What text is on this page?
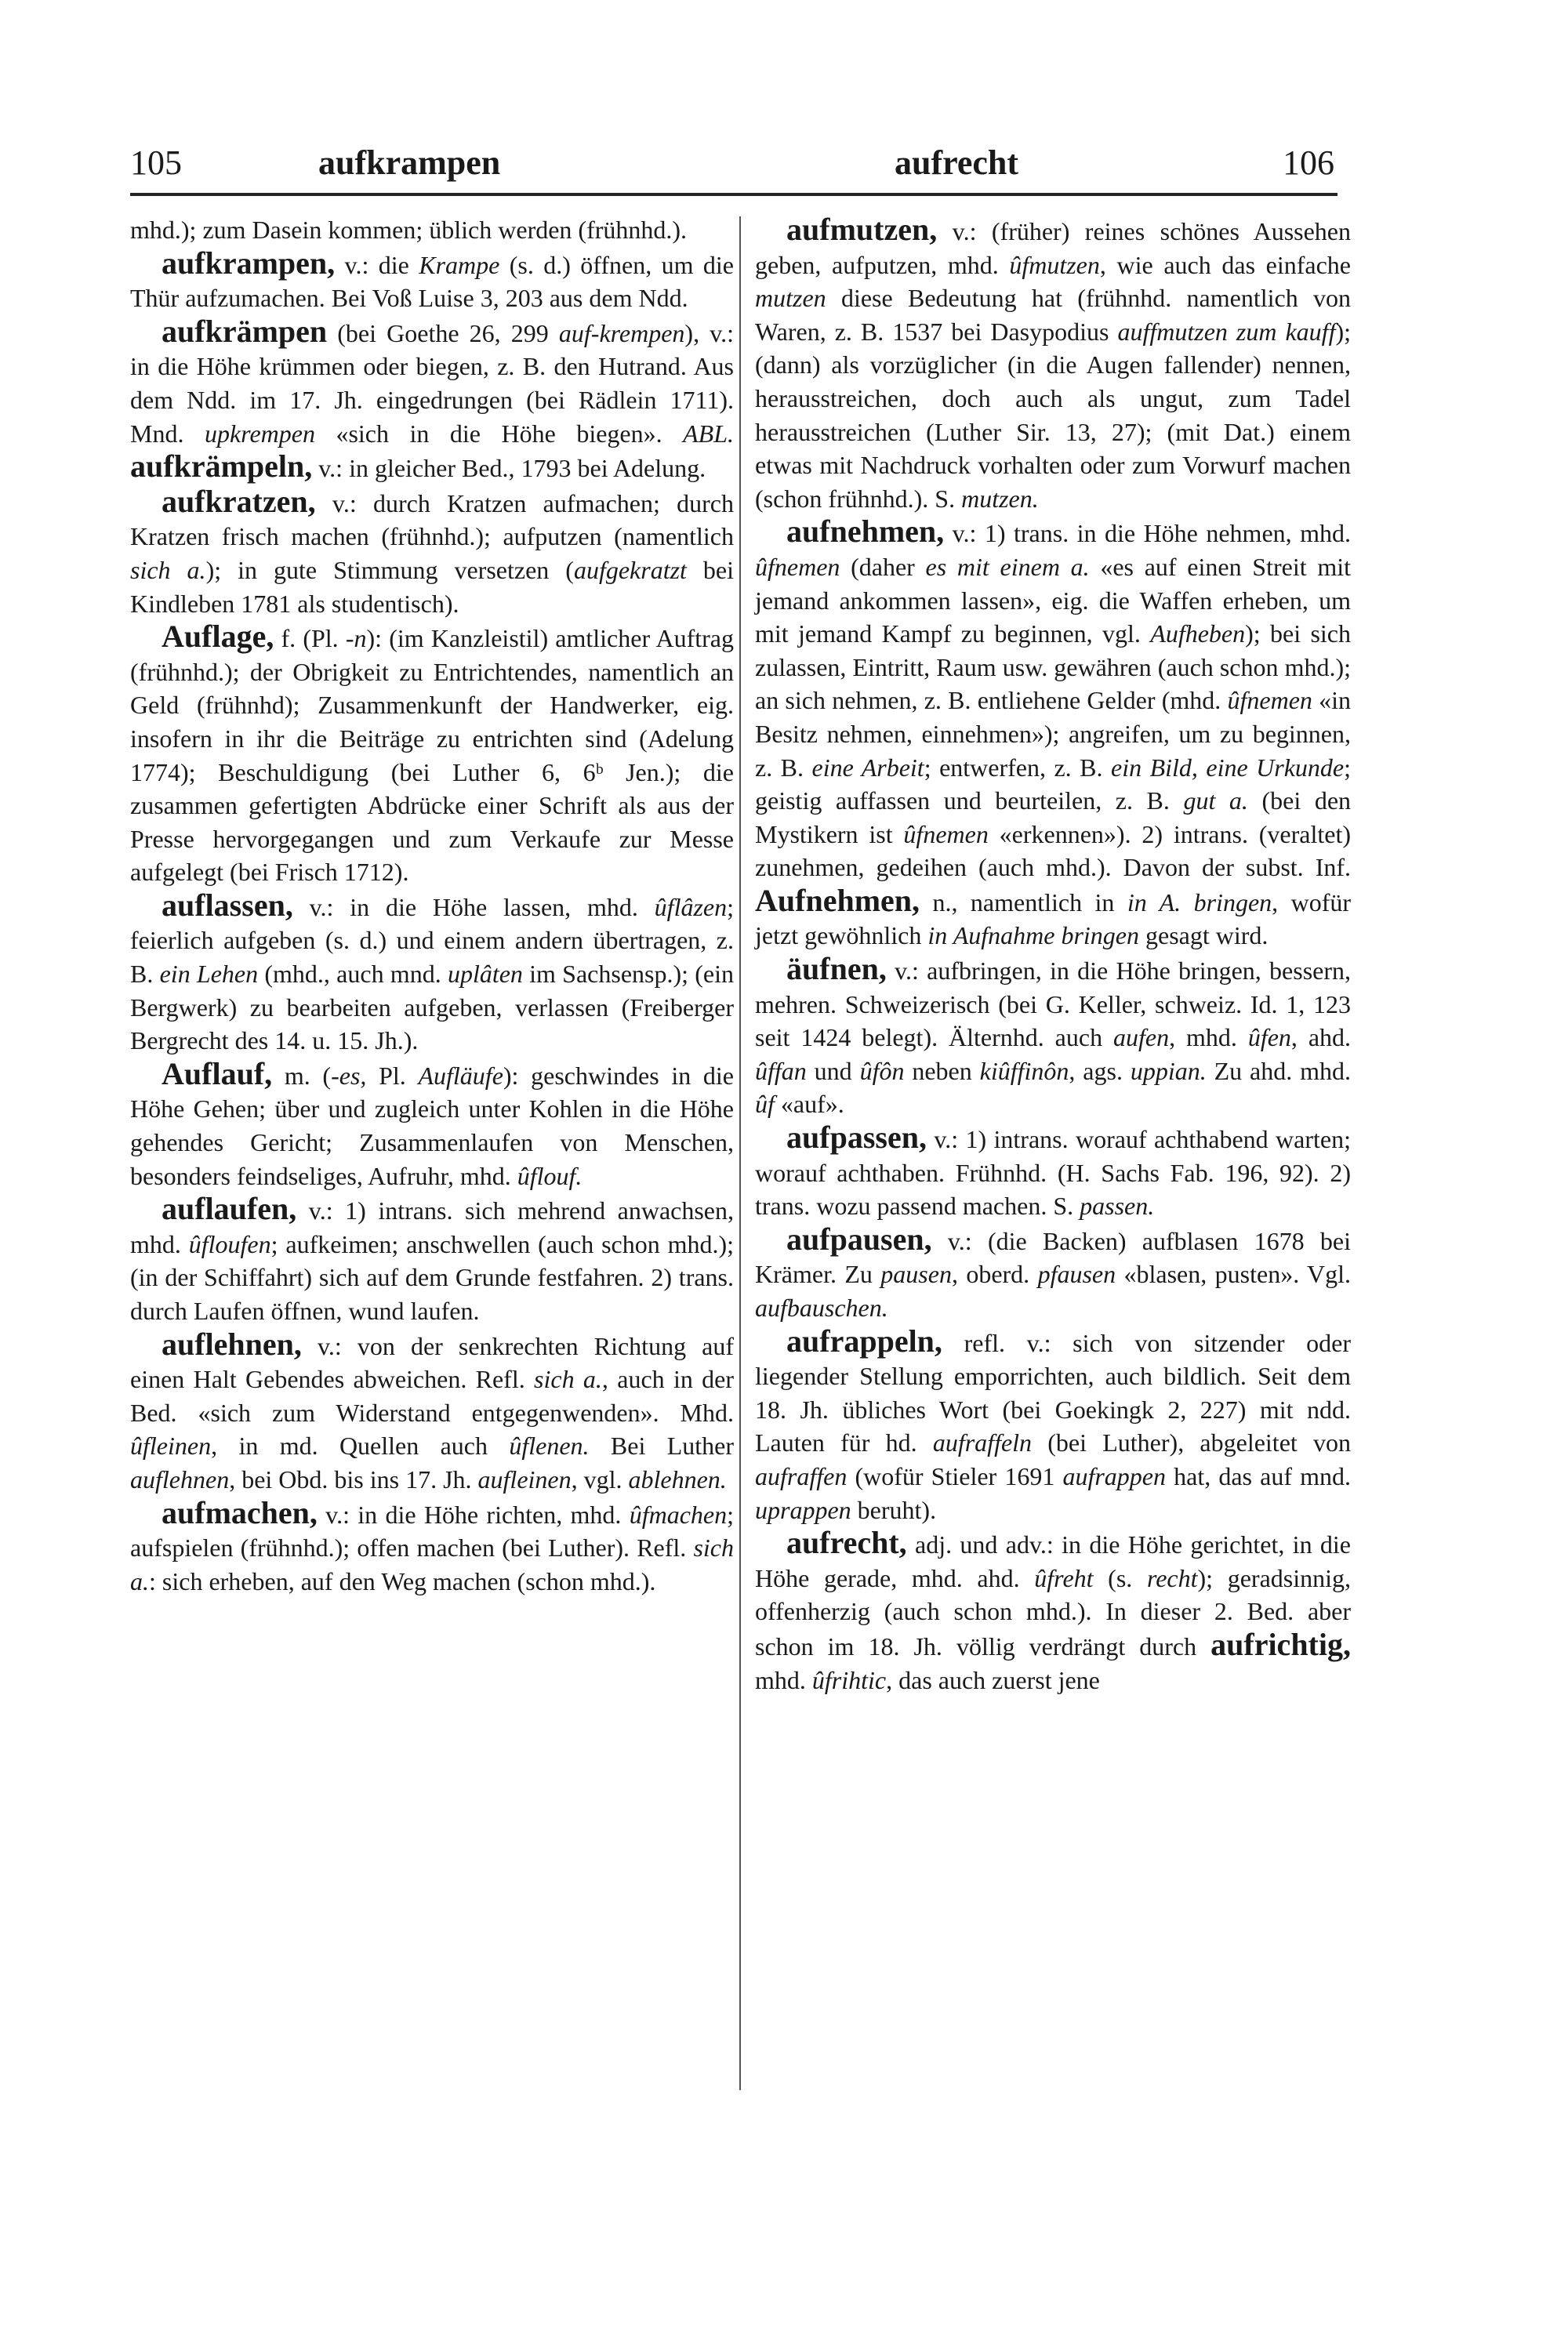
105	aufkrampen	aufrecht	106

mhd.); zum Dasein kommen; üblich werden (frühnhd.).

aufkrampen, v.: die Krampe (s. d.) öffnen, um die Thür aufzumachen. Bei Voß Luise 3, 203 aus dem Ndd.

aufkrämpen (bei Goethe 26, 299 auf-krempen), v.: in die Höhe krümmen oder biegen, z. B. den Hutrand. Aus dem Ndd. im 17. Jh. eingedrungen (bei Rädlein 1711). Mnd. upkrempen «sich in die Höhe biegen». ABL. aufkrämpeln, v.: in gleicher Bed., 1793 bei Adelung.

aufkratzen, v.: durch Kratzen aufmachen; durch Kratzen frisch machen (frühnhd.); aufputzen (namentlich sich a.); in gute Stimmung versetzen (aufgekratzt bei Kindleben 1781 als studentisch).

Auflage, f. (Pl. -n): (im Kanzleistil) amtlicher Auftrag (frühnhd.); der Obrigkeit zu Entrichtendes, namentlich an Geld (frühnhd); Zusammenkunft der Handwerker, eig. insofern in ihr die Beiträge zu entrichten sind (Adelung 1774); Beschuldigung (bei Luther 6, 6ᵇ Jen.); die zusammen gefertigten Abdrücke einer Schrift als aus der Presse hervorgegangen und zum Verkaufe zur Messe aufgelegt (bei Frisch 1712).

auflassen, v.: in die Höhe lassen, mhd. ûflâzen; feierlich aufgeben (s. d.) und einem andern übertragen, z. B. ein Lehen (mhd., auch mnd. uplâten im Sachsensp.); (ein Bergwerk) zu bearbeiten aufgeben, verlassen (Freiberger Bergrecht des 14. u. 15. Jh.).

Auflauf, m. (-es, Pl. Aufläufe): geschwindes in die Höhe Gehen; über und zugleich unter Kohlen in die Höhe gehendes Gericht; Zusammenlaufen von Menschen, besonders feindseliges, Aufruhr, mhd. ûflouf.

auflaufen, v.: 1) intrans. sich mehrend anwachsen, mhd. ûfloufen; aufkeimen; anschwellen (auch schon mhd.); (in der Schiffahrt) sich auf dem Grunde festfahren. 2) trans. durch Laufen öffnen, wund laufen.

auflehnen, v.: von der senkrechten Richtung auf einen Halt Gebendes abweichen. Refl. sich a., auch in der Bed. «sich zum Widerstand entgegenwenden». Mhd. ûfleinen, in md. Quellen auch ûflenen. Bei Luther auflehnen, bei Obd. bis ins 17. Jh. aufleinen, vgl. ablehnen.

aufmachen, v.: in die Höhe richten, mhd. ûfmachen; aufspielen (frühnhd.); offen machen (bei Luther). Refl. sich a.: sich erheben, auf den Weg machen (schon mhd.).

aufmutzen, v.: (früher) reines schönes Aussehen geben, aufputzen, mhd. ûfmutzen, wie auch das einfache mutzen diese Bedeutung hat (frühnhd. namentlich von Waren, z. B. 1537 bei Dasypodius auffmutzen zum kauff); (dann) als vorzüglicher (in die Augen fallender) nennen, herausstreichen, doch auch als ungut, zum Tadel herausstreichen (Luther Sir. 13, 27); (mit Dat.) einem etwas mit Nachdruck vorhalten oder zum Vorwurf machen (schon frühnhd.). S. mutzen.

aufnehmen, v.: 1) trans. in die Höhe nehmen, mhd. ûfnemen (daher es mit einem a. «es auf einen Streit mit jemand ankommen lassen», eig. die Waffen erheben, um mit jemand Kampf zu beginnen, vgl. Aufheben); bei sich zulassen, Eintritt, Raum usw. gewähren (auch schon mhd.); an sich nehmen, z. B. entliehene Gelder (mhd. ûfnemen «in Besitz nehmen, einnehmen»); angreifen, um zu beginnen, z. B. eine Arbeit; entwerfen, z. B. ein Bild, eine Urkunde; geistig auffassen und beurteilen, z. B. gut a. (bei den Mystikern ist ûfnemen «erkennen»). 2) intrans. (veraltet) zunehmen, gedeihen (auch mhd.). Davon der subst. Inf. Aufnehmen, n., namentlich in in A. bringen, wofür jetzt gewöhnlich in Aufnahme bringen gesagt wird.

äufnen, v.: aufbringen, in die Höhe bringen, bessern, mehren. Schweizerisch (bei G. Keller, schweiz. Id. 1, 123 seit 1424 belegt). Älternhd. auch aufen, mhd. ûfen, ahd. ûffan und ûfôn neben kiûffinôn, ags. uppian. Zu ahd. mhd. ûf «auf».

aufpassen, v.: 1) intrans. worauf achthabend warten; worauf achthaben. Frühnhd. (H. Sachs Fab. 196, 92). 2) trans. wozu passend machen. S. passen.

aufpausen, v.: (die Backen) aufblasen 1678 bei Krämer. Zu pausen, oberd. pfausen «blasen, pusten». Vgl. aufbauschen.

aufrappeln, refl. v.: sich von sitzender oder liegender Stellung emporrichten, auch bildlich. Seit dem 18. Jh. übliches Wort (bei Goekingk 2, 227) mit ndd. Lauten für hd. aufraffeln (bei Luther), abgeleitet von aufraffen (wofür Stieler 1691 aufrappen hat, das auf mnd. uprappen beruht).

aufrecht, adj. und adv.: in die Höhe gerichtet, in die Höhe gerade, mhd. ahd. ûfreht (s. recht); geradsinnig, offenherzig (auch schon mhd.). In dieser 2. Bed. aber schon im 18. Jh. völlig verdrängt durch aufrichtig, mhd. ûfrihtic, das auch zuerst jene
